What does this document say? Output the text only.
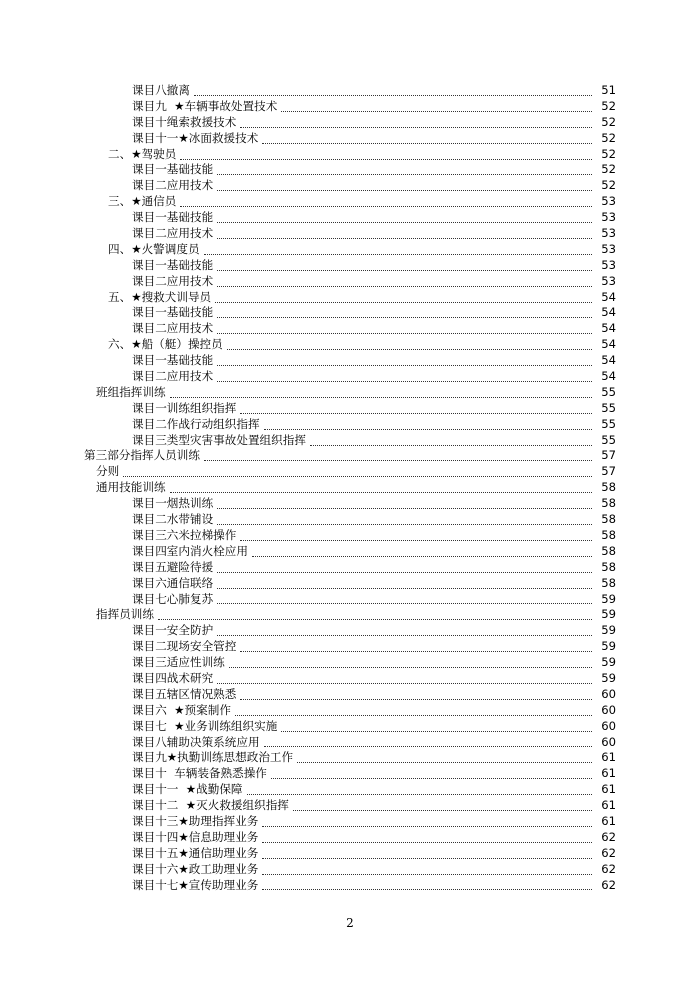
课目八撤离	51
课目九  ★车辆事故处置技术	52
课目十绳索救援技术	52
课目十一★冰面救援技术	52
二、★驾驶员	52
课目一基础技能	52
课目二应用技术	52
三、★通信员	53
课目一基础技能	53
课目二应用技术	53
四、★火警调度员	53
课目一基础技能	53
课目二应用技术	53
五、★搜救犬训导员	54
课目一基础技能	54
课目二应用技术	54
六、★船（艇）操控员	54
课目一基础技能	54
课目二应用技术	54
班组指挥训练	55
课目一训练组织指挥	55
课目二作战行动组织指挥	55
课目三类型灾害事故处置组织指挥	55
第三部分指挥人员训练	57
分则	57
通用技能训练	58
课目一烟热训练	58
课目二水带铺设	58
课目三六米拉梯操作	58
课目四室内消火栓应用	58
课目五避险待援	58
课目六通信联络	58
课目七心肺复苏	59
指挥员训练	59
课目一安全防护	59
课目二现场安全管控	59
课目三适应性训练	59
课目四战术研究	59
课目五辖区情况熟悉	60
课目六  ★预案制作	60
课目七  ★业务训练组织实施	60
课目八辅助决策系统应用	60
课目九★执勤训练思想政治工作	61
课目十  车辆装备熟悉操作	61
课目十一  ★战勤保障	61
课目十二  ★灭火救援组织指挥	61
课目十三★助理指挥业务	61
课目十四★信息助理业务	62
课目十五★通信助理业务	62
课目十六★政工助理业务	62
课目十七★宣传助理业务	62
2
